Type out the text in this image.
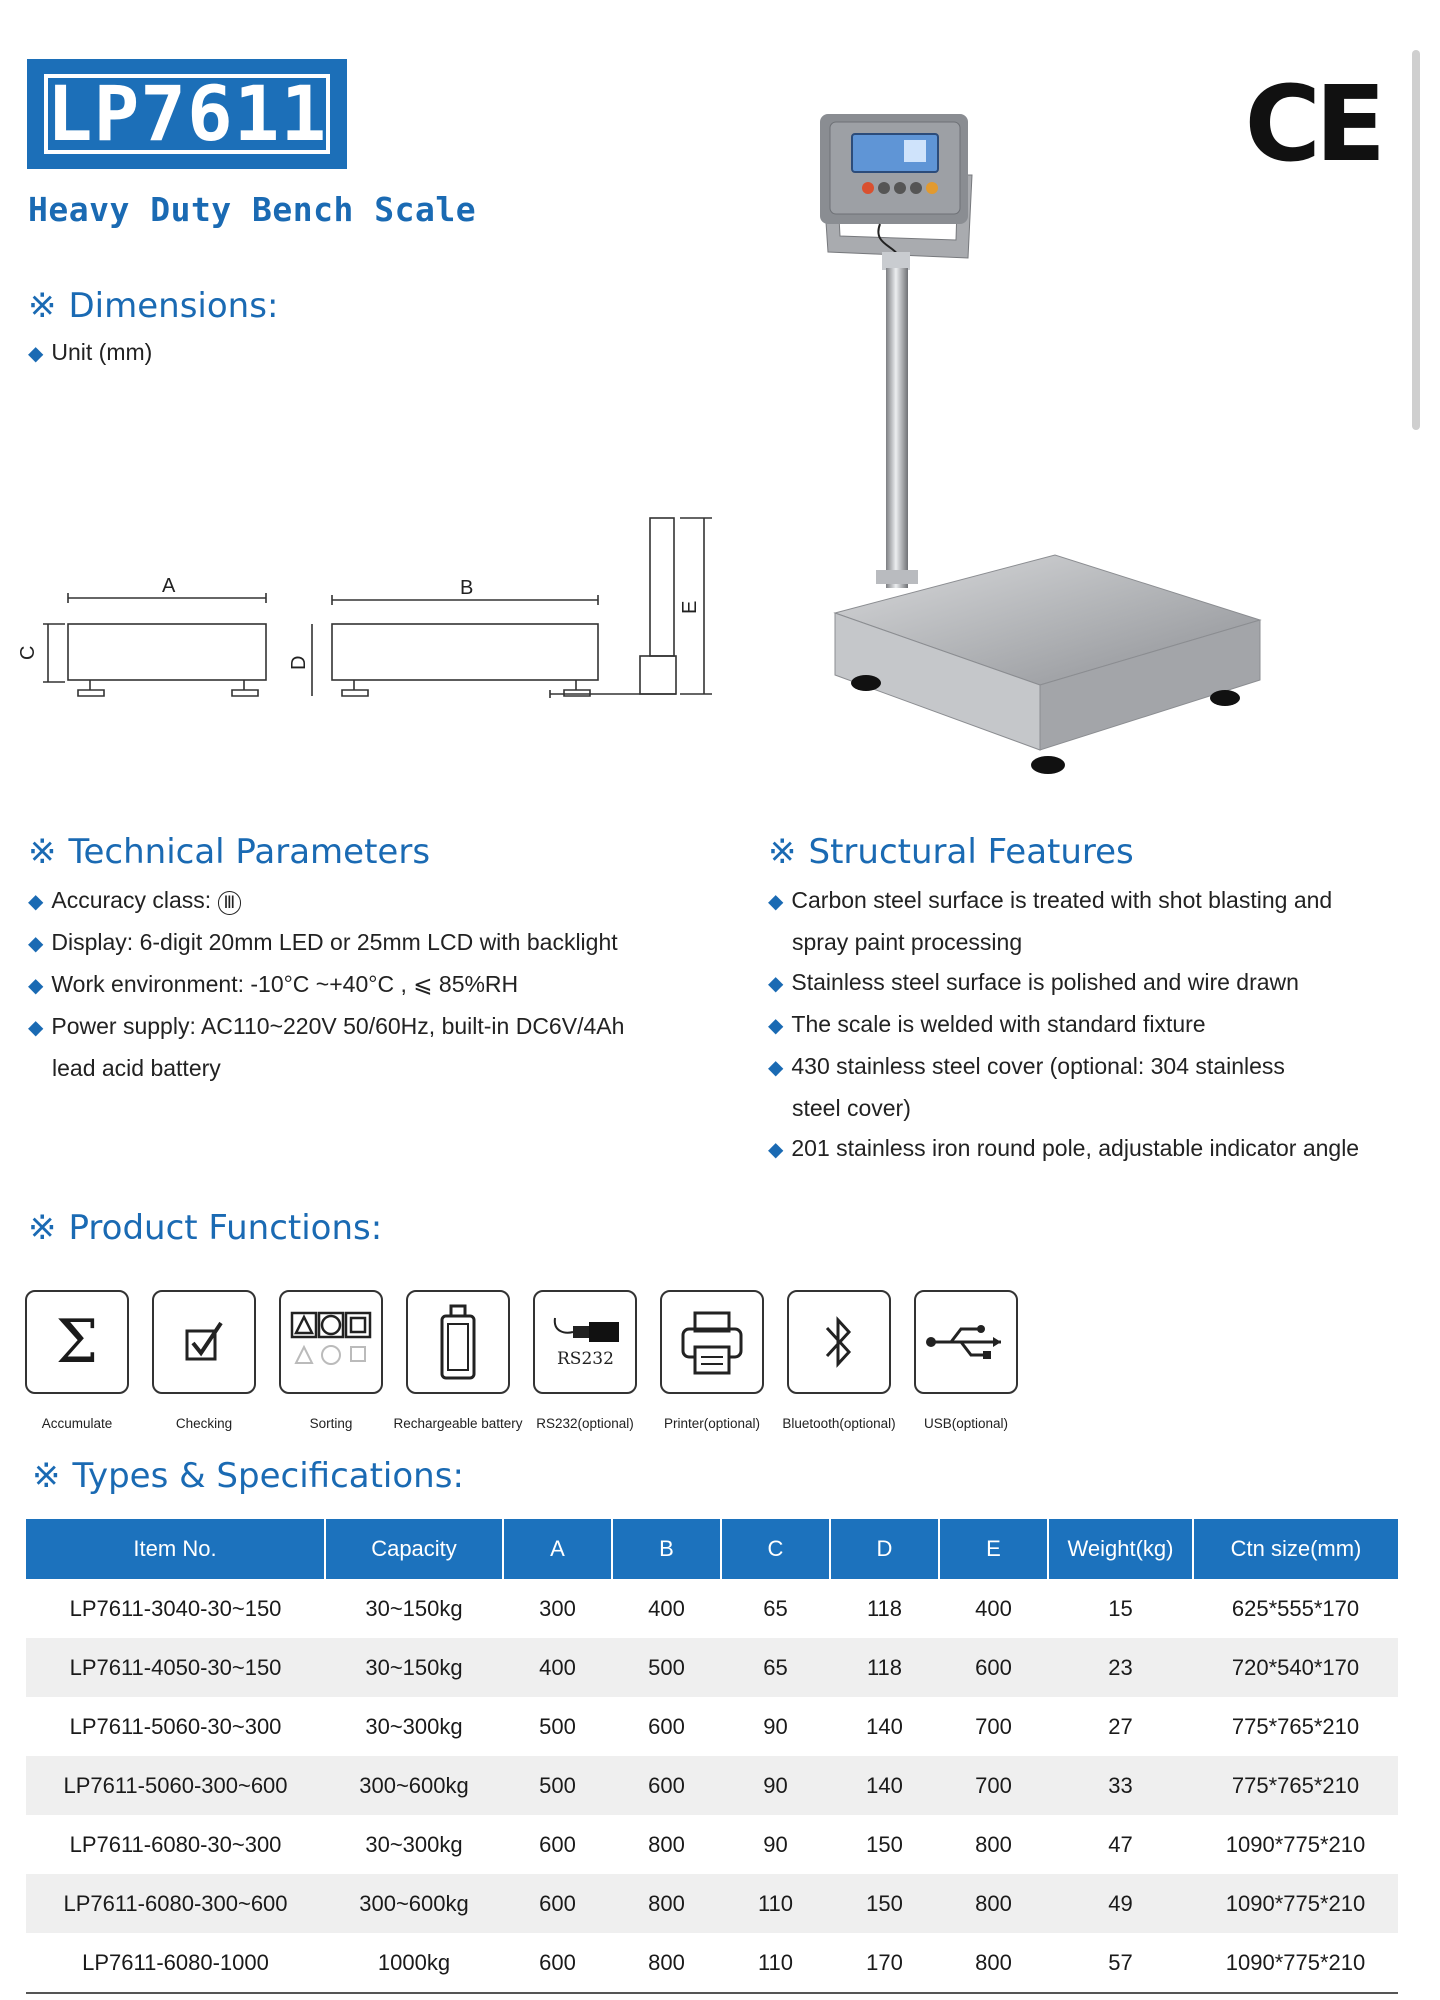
LP7611
Heavy Duty Bench Scale
CE
※ Dimensions:
◆ Unit (mm)
A	B
C
D
E
※ Technical Parameters
◆ Accuracy class: Ⅲ
◆ Display: 6-digit 20mm LED or 25mm LCD with backlight
◆ Work environment: -10°C ~+40°C , ⩽ 85%RH
◆ Power supply: AC110~220V 50/60Hz, built-in DC6V/4Ah
lead acid battery
※ Structural Features
◆ Carbon steel surface is treated with shot blasting and
spray paint processing
◆ Stainless steel surface is polished and wire drawn
◆ The scale is welded with standard fixture
◆ 430 stainless steel cover (optional: 304 stainless
steel cover)
◆ 201 stainless iron round pole, adjustable indicator angle
※ Product Functions:
Σ	RS232
Accumulate	Checking	Sorting	Rechargeable battery	RS232(optional)	Printer(optional)	Bluetooth(optional)	USB(optional)
※ Types & Specifications:
Item No.	Capacity	A	B	C	D	E	Weight(kg)	Ctn size(mm)
LP7611-3040-30~150	30~150kg	300	400	65	118	400	15	625*555*170
LP7611-4050-30~150	30~150kg	400	500	65	118	600	23	720*540*170
LP7611-5060-30~300	30~300kg	500	600	90	140	700	27	775*765*210
LP7611-5060-300~600	300~600kg	500	600	90	140	700	33	775*765*210
LP7611-6080-30~300	30~300kg	600	800	90	150	800	47	1090*775*210
LP7611-6080-300~600	300~600kg	600	800	110	150	800	49	1090*775*210
LP7611-6080-1000	1000kg	600	800	110	170	800	57	1090*775*210
